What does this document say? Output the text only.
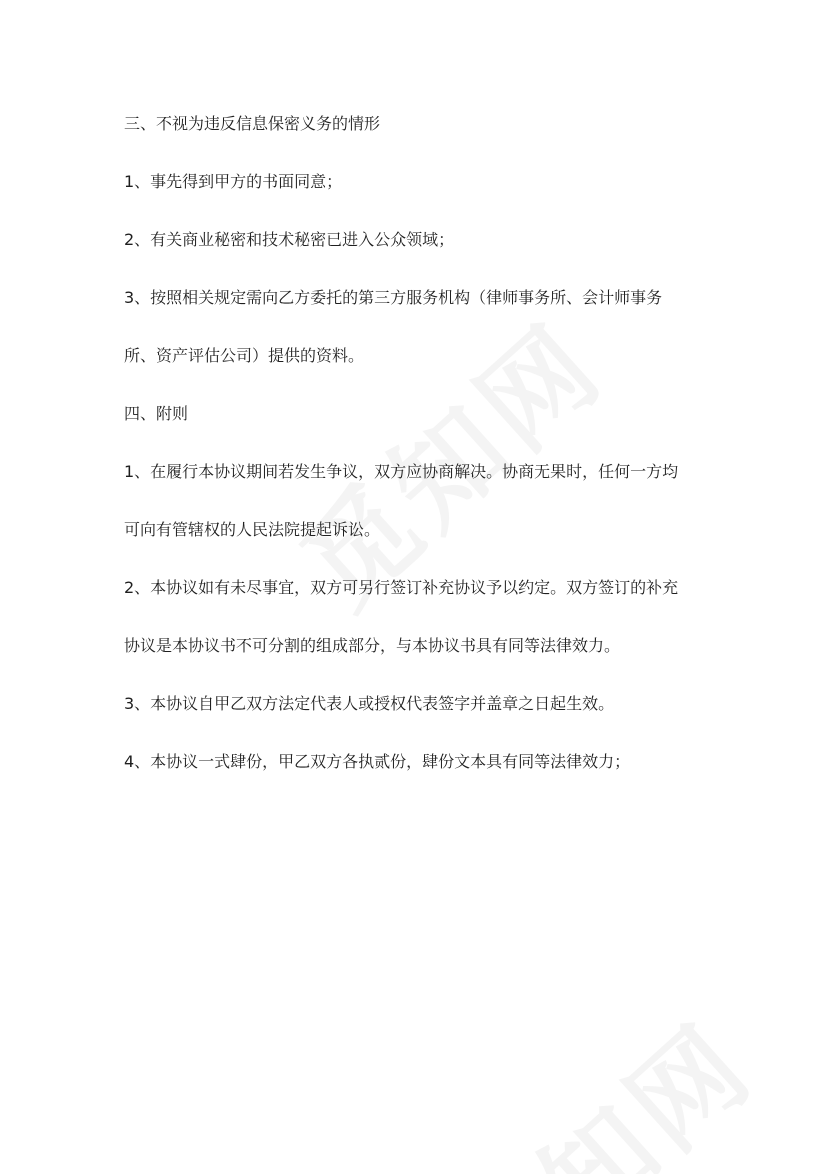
三、不视为违反信息保密义务的情形

1、事先得到甲方的书面同意；

2、有关商业秘密和技术秘密已进入公众领域；

3、按照相关规定需向乙方委托的第三方服务机构（律师事务所、会计师事务

所、资产评估公司）提供的资料。

四、附则

1、在履行本协议期间若发生争议，双方应协商解决。协商无果时，任何一方均

可向有管辖权的人民法院提起诉讼。

2、本协议如有未尽事宜，双方可另行签订补充协议予以约定。双方签订的补充

协议是本协议书不可分割的组成部分，与本协议书具有同等法律效力。

3、本协议自甲乙双方法定代表人或授权代表签字并盖章之日起生效。

4、本协议一式肆份，甲乙双方各执贰份，肆份文本具有同等法律效力；
